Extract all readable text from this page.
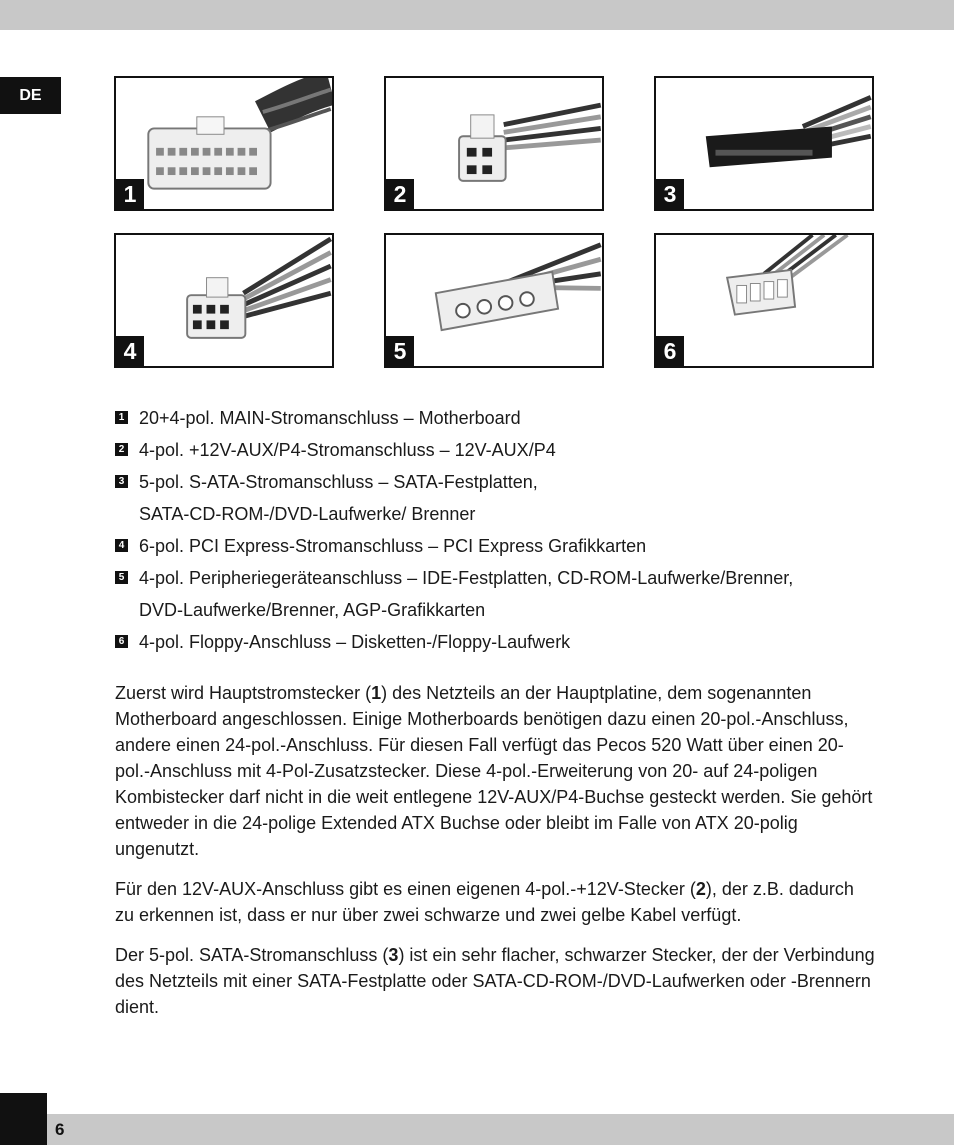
DE
1	2	3
4	5	6
1 20+4-pol. MAIN-Stromanschluss – Motherboard
2 4-pol. +12V-AUX/P4-Stromanschluss – 12V-AUX/P4
3 5-pol. S-ATA-Stromanschluss – SATA-Festplatten,
SATA-CD-ROM-/DVD-Laufwerke/ Brenner
4 6-pol. PCI Express-Stromanschluss – PCI Express Grafikkarten
5 4-pol. Peripheriegeräteanschluss – IDE-Festplatten, CD-ROM-Laufwerke/Brenner,
DVD-Laufwerke/Brenner, AGP-Grafikkarten
6 4-pol. Floppy-Anschluss – Disketten-/Floppy-Laufwerk

Zuerst wird Hauptstromstecker (1) des Netzteils an der Hauptplatine, dem sogenannten Motherboard angeschlossen. Einige Motherboards benötigen dazu einen 20-pol.-Anschluss, andere einen 24-pol.-Anschluss. Für diesen Fall verfügt das Pecos 520 Watt über einen 20-pol.-Anschluss mit 4-Pol-Zusatzstecker. Diese 4-pol.-Erweiterung von 20- auf 24-poligen Kombistecker darf nicht in die weit entlegene 12V-AUX/P4-Buchse gesteckt werden. Sie gehört entweder in die 24-polige Extended ATX Buchse oder bleibt im Falle von ATX 20-polig ungenutzt.

Für den 12V-AUX-Anschluss gibt es einen eigenen 4-pol.-+12V-Stecker (2), der z.B. dadurch zu erkennen ist, dass er nur über zwei schwarze und zwei gelbe Kabel verfügt.

Der 5-pol. SATA-Stromanschluss (3) ist ein sehr flacher, schwarzer Stecker, der der Verbindung des Netzteils mit einer SATA-Festplatte oder SATA-CD-ROM-/DVD-Laufwerken oder -Brennern dient.

6
